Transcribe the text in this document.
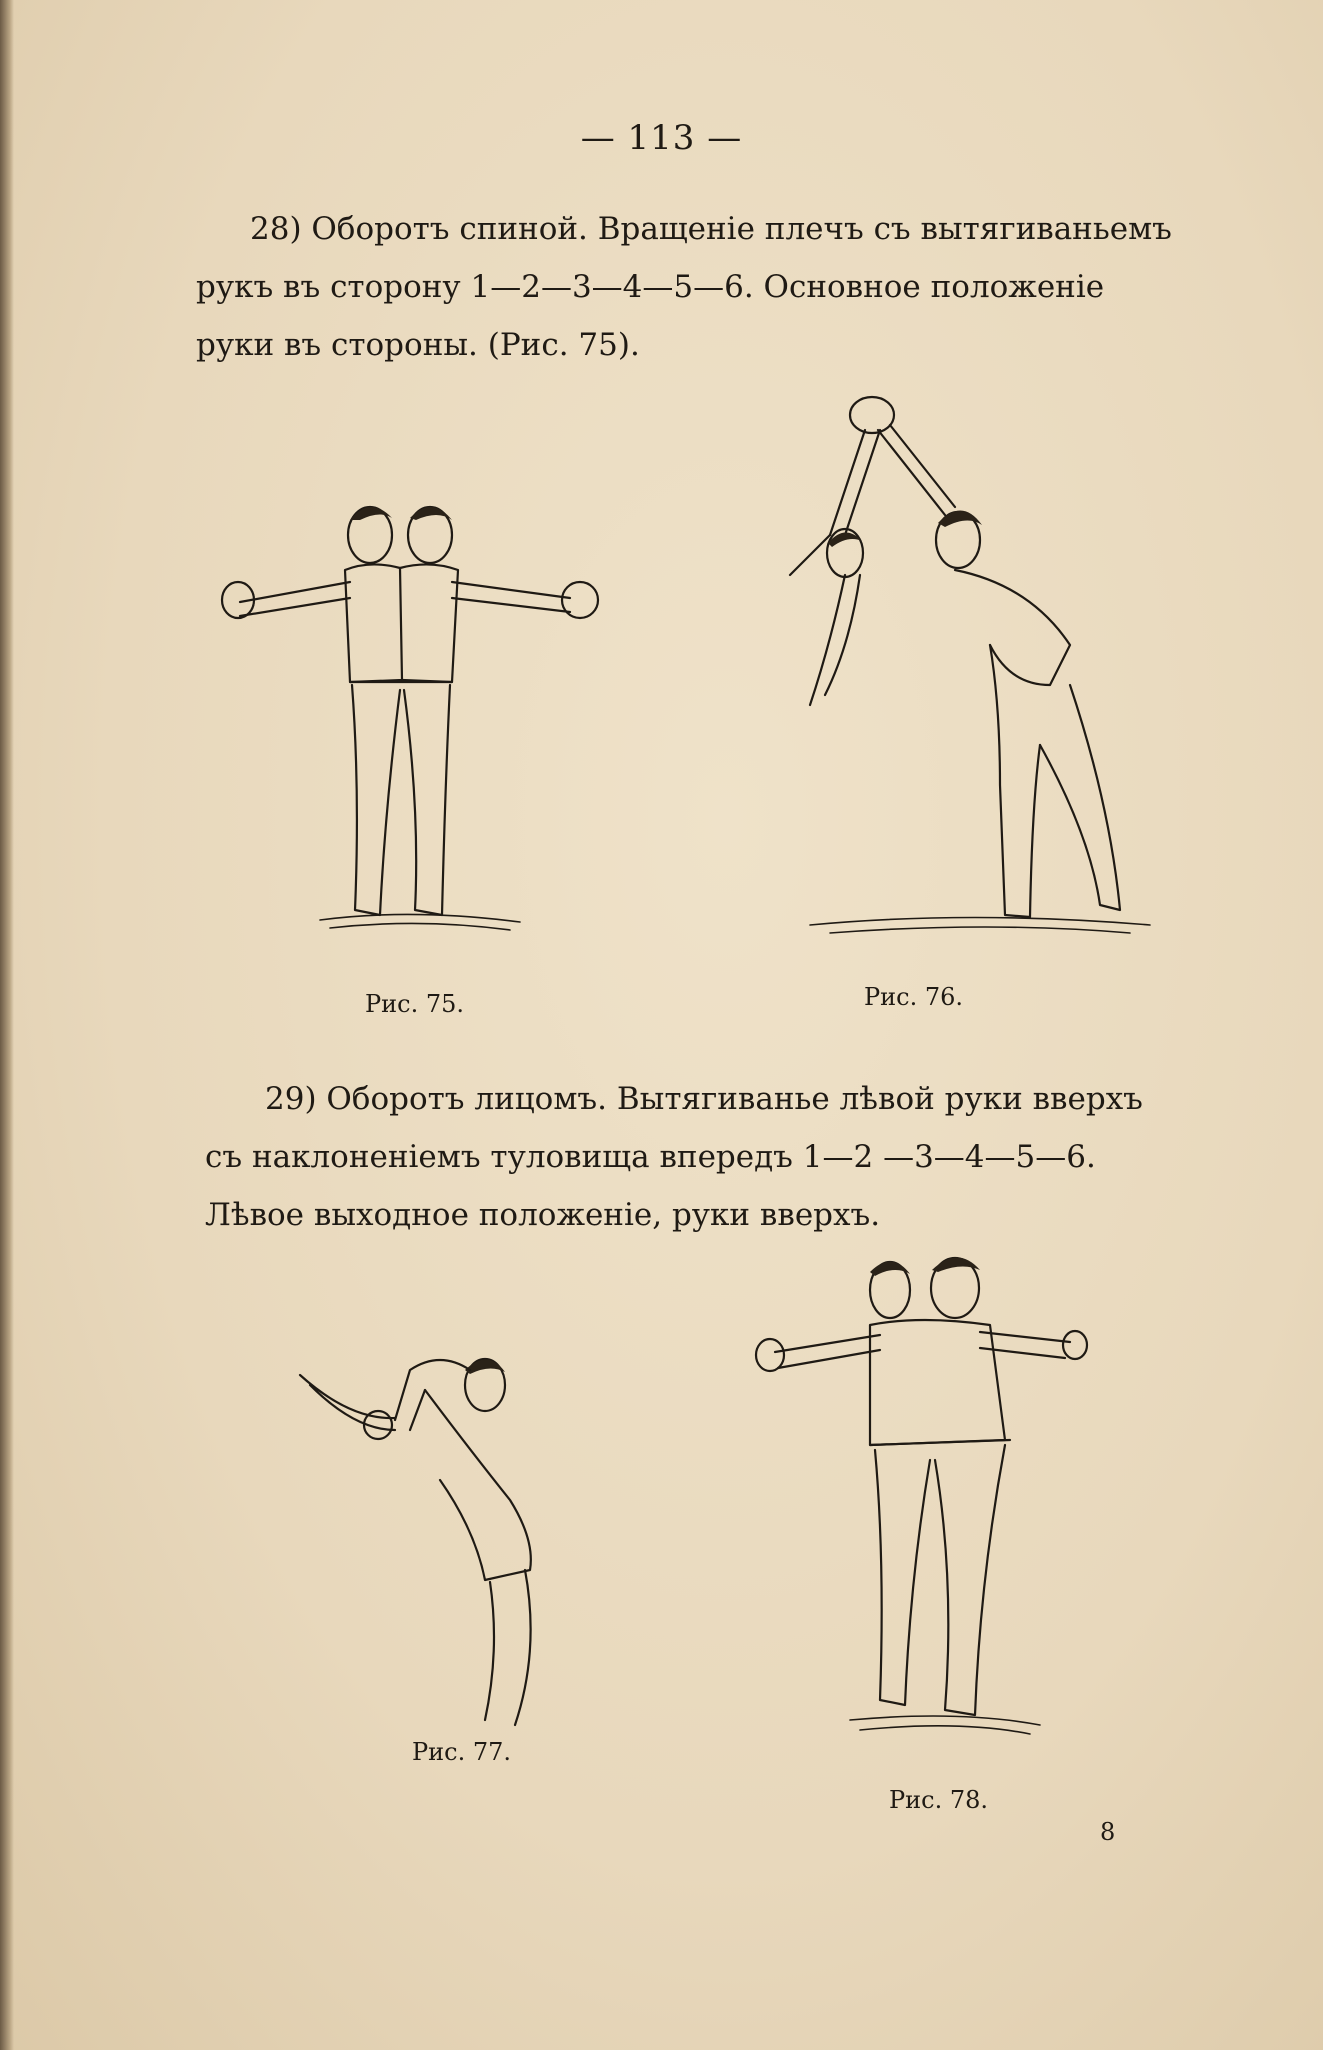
— 113 —
28) Оборотъ спиной. Вращенiе плечъ съ вытягиваньемъ
рукъ въ сторону 1—2—3—4—5—6. Основное положенiе
руки въ стороны. (Рис. 75).
Рис. 75.	Рис. 76.
29) Оборотъ лицомъ. Вытягиванье лѣвой руки вверхъ
съ наклоненiемъ туловища впередъ 1—2 —3—4—5—6.
Лѣвое выходное положенiе, руки вверхъ.
Рис. 77.
Рис. 78.
8
